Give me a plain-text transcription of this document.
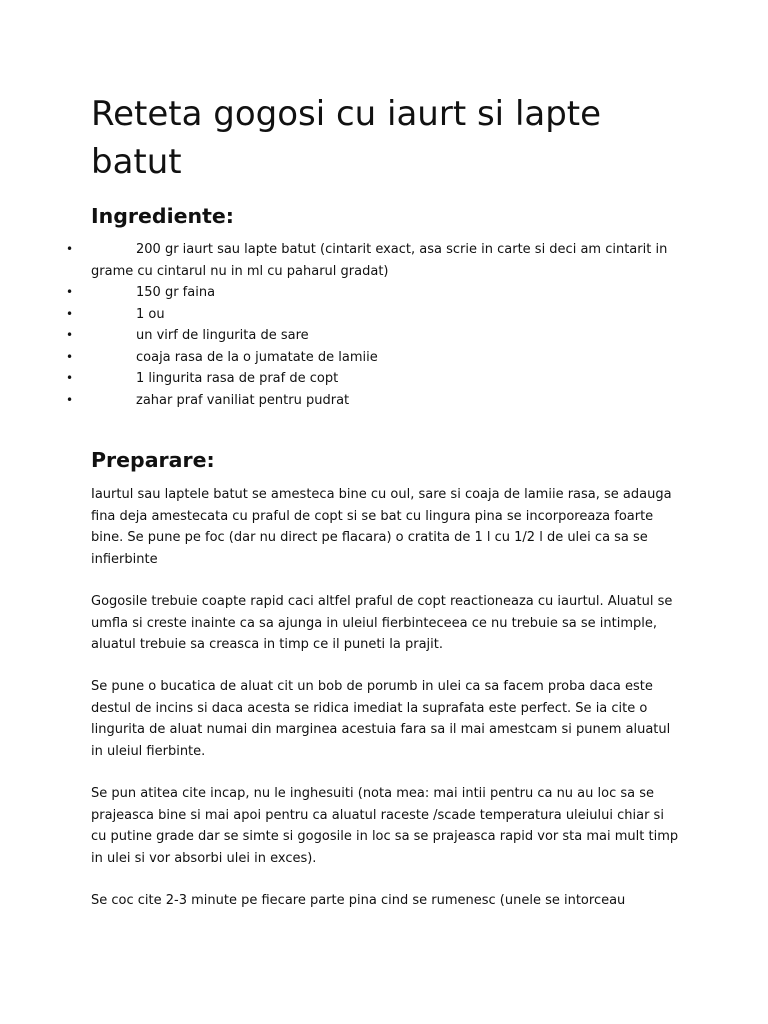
Reteta gogosi cu iaurt si lapte batut
Ingrediente:
•	200 gr iaurt sau lapte batut (cintarit exact, asa scrie in carte si deci am cintarit in grame cu cintarul nu in ml cu paharul gradat)
•	150 gr faina
•	1 ou
•	un virf de lingurita de sare
•	coaja rasa de la o jumatate de lamiie
•	1 lingurita rasa de praf de copt
•	zahar praf vaniliat pentru pudrat
Preparare:

Iaurtul sau laptele batut se amesteca bine cu oul, sare si coaja de lamiie rasa, se adauga fina deja amestecata cu praful de copt si se bat cu lingura pina se incorporeaza foarte bine. Se pune pe foc (dar nu direct pe flacara) o cratita de 1 l cu 1/2 l de ulei ca sa se infierbinte

Gogosile trebuie coapte rapid caci altfel praful de copt reactioneaza cu iaurtul. Aluatul se umfla si creste inainte ca sa ajunga in uleiul fierbinteceea ce nu trebuie sa se intimple, aluatul trebuie sa creasca in timp ce il puneti la prajit.

Se pune o bucatica de aluat cit un bob de porumb in ulei ca sa facem proba daca este destul de incins si daca acesta se ridica imediat la suprafata este perfect. Se ia cite o lingurita de aluat numai din marginea acestuia fara sa il mai amestcam si punem aluatul in uleiul fierbinte.

Se pun atitea cite incap, nu le inghesuiti (nota mea: mai intii pentru ca nu au loc sa se prajeasca bine si mai apoi pentru ca aluatul raceste /scade temperatura uleiului chiar si cu putine grade dar se simte si gogosile in loc sa se prajeasca rapid vor sta mai mult timp in ulei si vor absorbi ulei in exces).

Se coc cite 2-3 minute pe fiecare parte pina cind se rumenesc (unele se intorceau
